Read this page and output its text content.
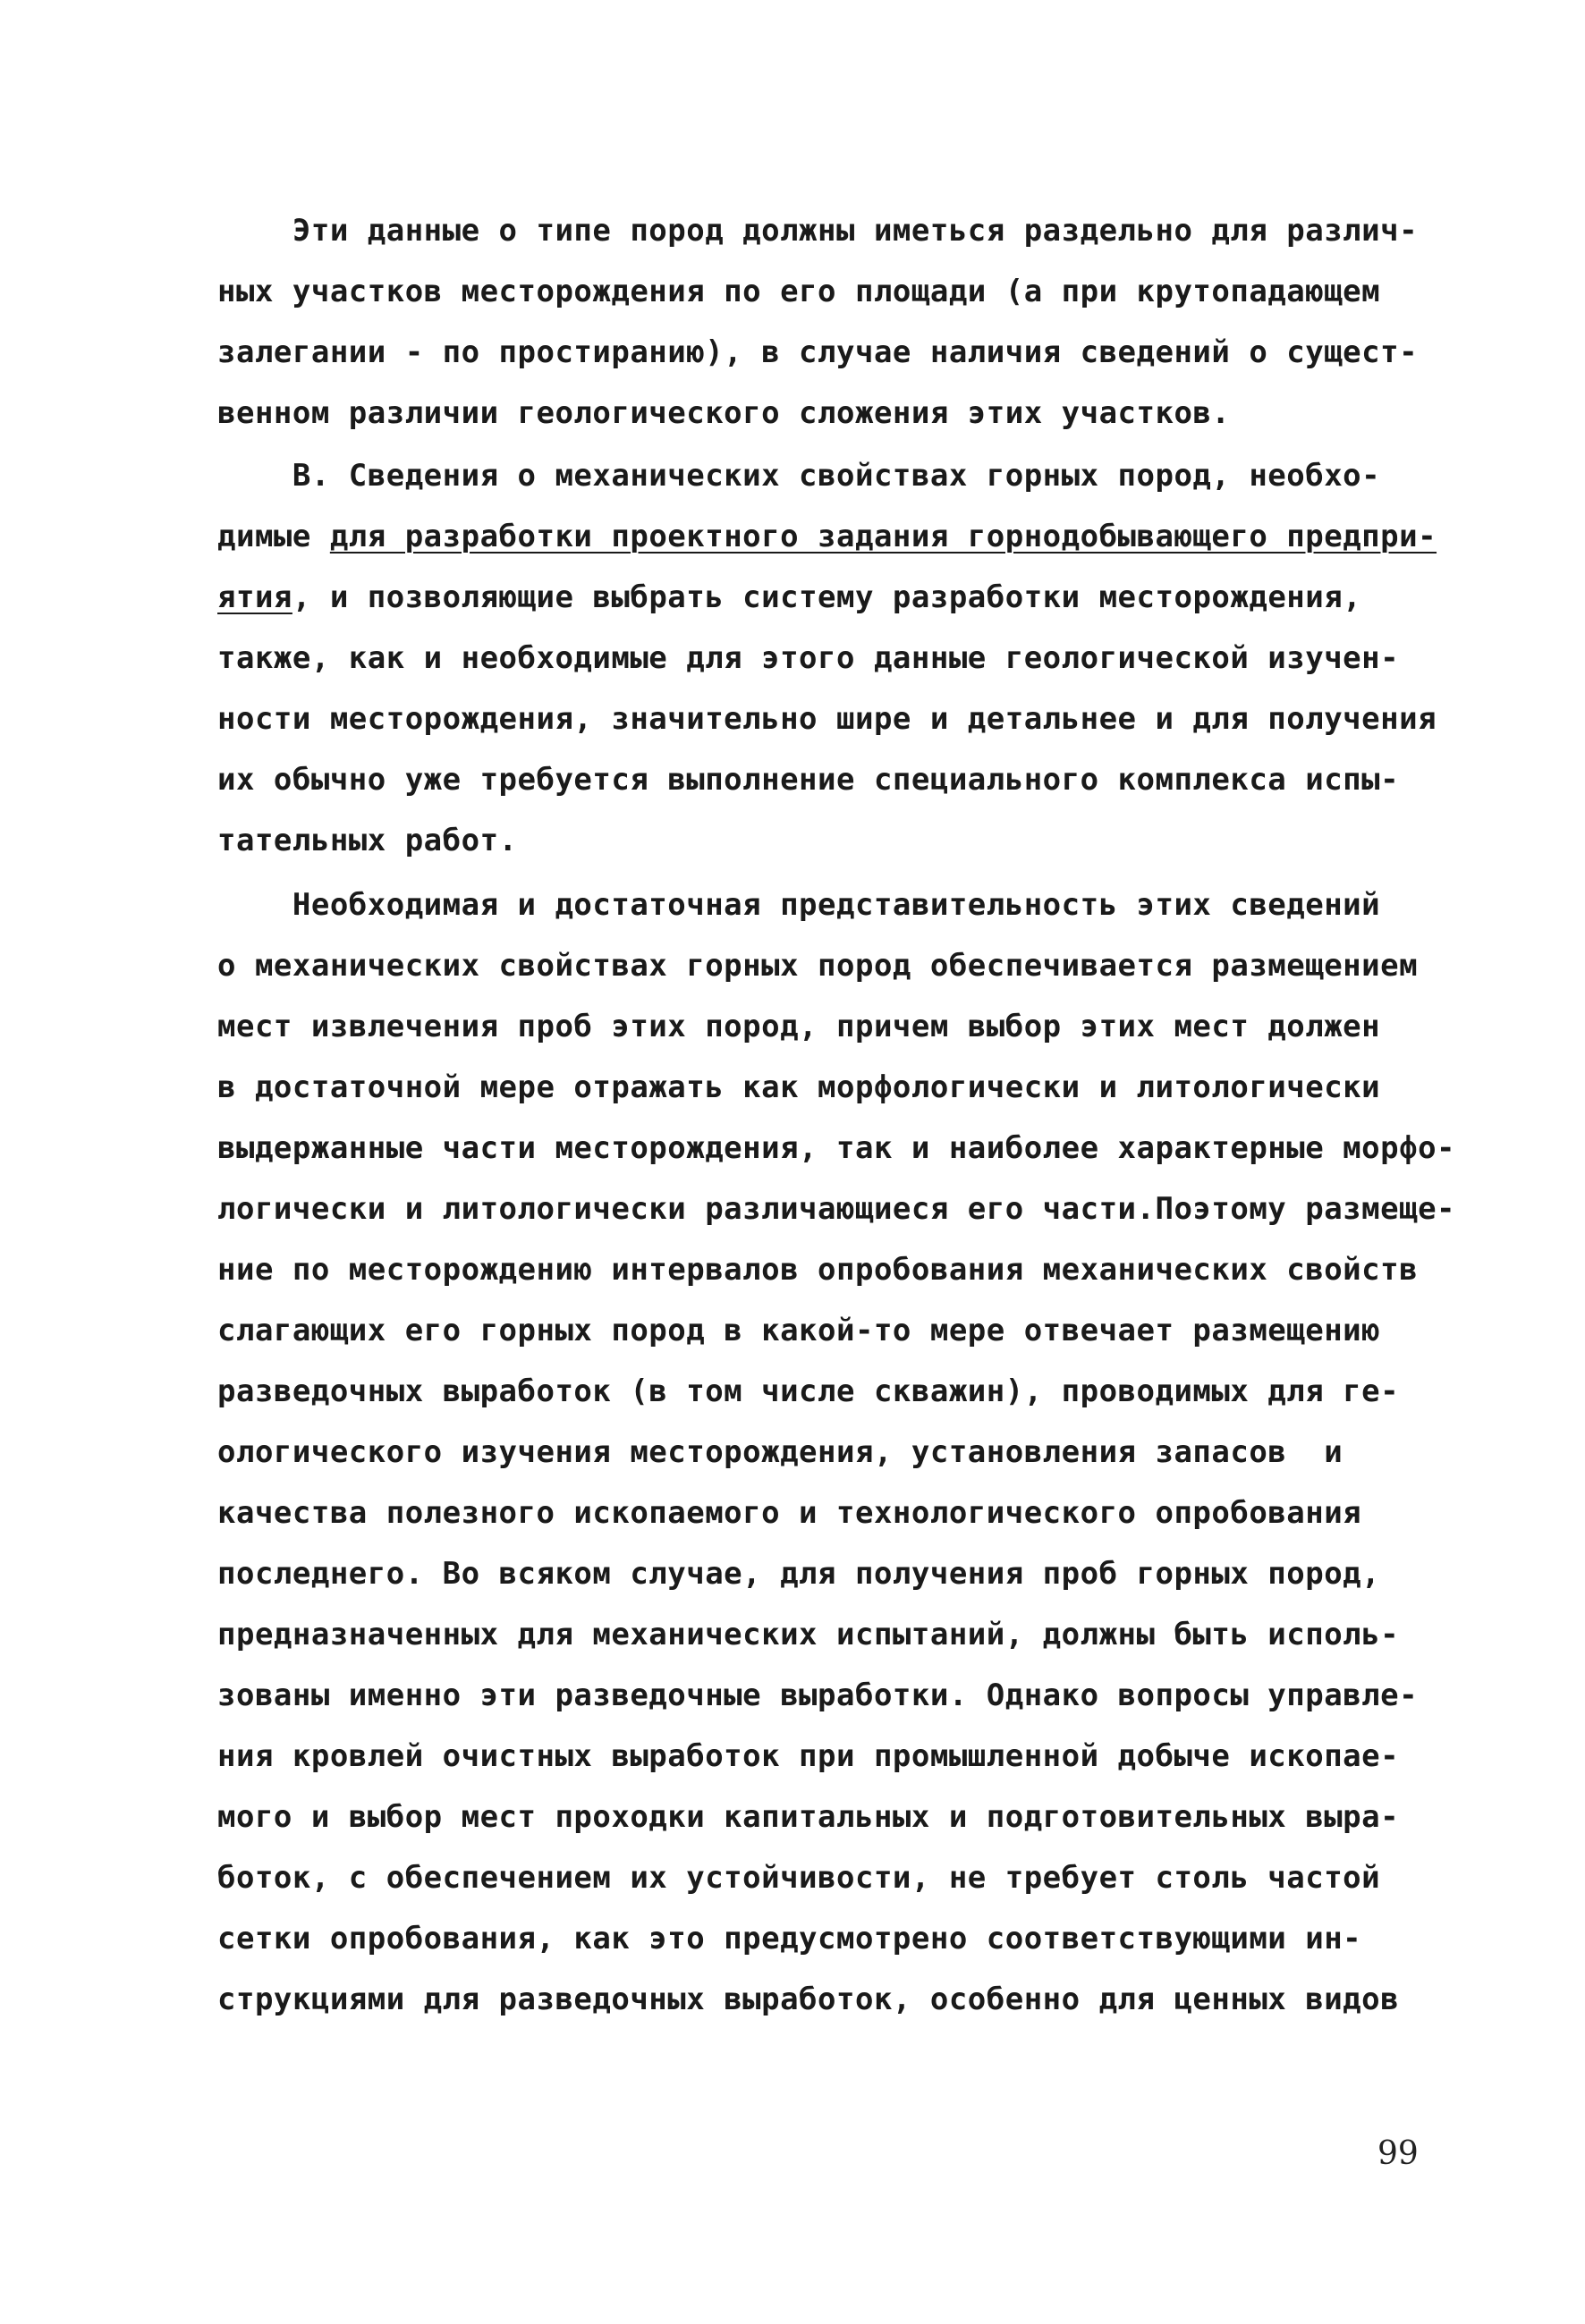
Эти данные о типе пород должны иметься раздельно для различ-
ных участков месторождения по его площади (а при крутопадающем
залегании - по простиранию), в случае наличия сведений о сущест-
венном различии геологического сложения этих участков.
В. Сведения о механических свойствах горных пород, необхо-
димые для разработки проектного задания горнодобывающего предпри-
ятия, и позволяющие выбрать систему разработки месторождения,
также, как и необходимые для этого данные геологической изучен-
ности месторождения, значительно шире и детальнее и для получения
их обычно уже требуется выполнение специального комплекса испы-
тательных работ.
Необходимая и достаточная представительность этих сведений
о механических свойствах горных пород обеспечивается размещением
мест извлечения проб этих пород, причем выбор этих мест должен
в достаточной мере отражать как морфологически и литологически
выдержанные части месторождения, так и наиболее характерные морфо-
логически и литологически различающиеся его части.Поэтому размеще-
ние по месторождению интервалов опробования механических свойств
слагающих его горных пород в какой-то мере отвечает размещению
разведочных выработок (в том числе скважин), проводимых для ге-
ологического изучения месторождения, установления запасов  и
качества полезного ископаемого и технологического опробования
последнего. Во всяком случае, для получения проб горных пород,
предназначенных для механических испытаний, должны быть исполь-
зованы именно эти разведочные выработки. Однако вопросы управле-
ния кровлей очистных выработок при промышленной добыче ископае-
мого и выбор мест проходки капитальных и подготовительных выра-
боток, с обеспечением их устойчивости, не требует столь частой
сетки опробования, как это предусмотрено соответствующими ин-
струкциями для разведочных выработок, особенно для ценных видов
99
